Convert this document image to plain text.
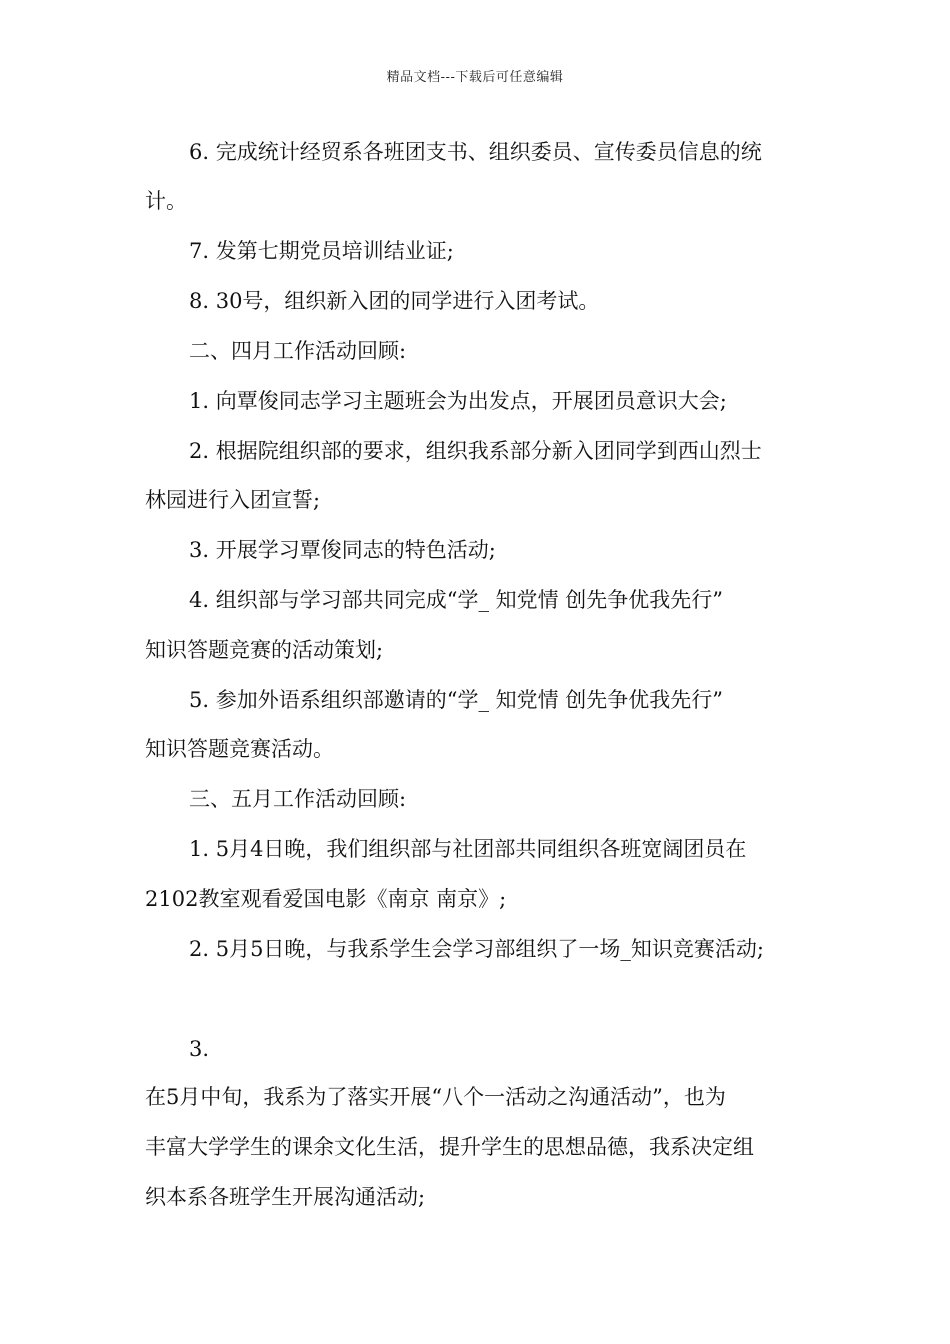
精品文档---下载后可任意编辑
6. 完成统计经贸系各班团支书、组织委员、宣传委员信息的统
计。
7. 发第七期党员培训结业证;
8. 30号，组织新入团的同学进行入团考试。
二、四月工作活动回顾:
1. 向覃俊同志学习主题班会为出发点，开展团员意识大会;
2. 根据院组织部的要求，组织我系部分新入团同学到西山烈士
林园进行入团宣誓;
3. 开展学习覃俊同志的特色活动;
4. 组织部与学习部共同完成“学_ 知党情 创先争优我先行”
知识答题竞赛的活动策划;
5. 参加外语系组织部邀请的“学_ 知党情 创先争优我先行”
知识答题竞赛活动。
三、五月工作活动回顾:
1. 5月4日晚，我们组织部与社团部共同组织各班宽阔团员在
2102教室观看爱国电影《南京 南京》;
2. 5月5日晚，与我系学生会学习部组织了一场_知识竞赛活动;
3.
在5月中旬，我系为了落实开展“八个一活动之沟通活动”，也为
丰富大学学生的课余文化生活，提升学生的思想品德，我系决定组
织本系各班学生开展沟通活动;
